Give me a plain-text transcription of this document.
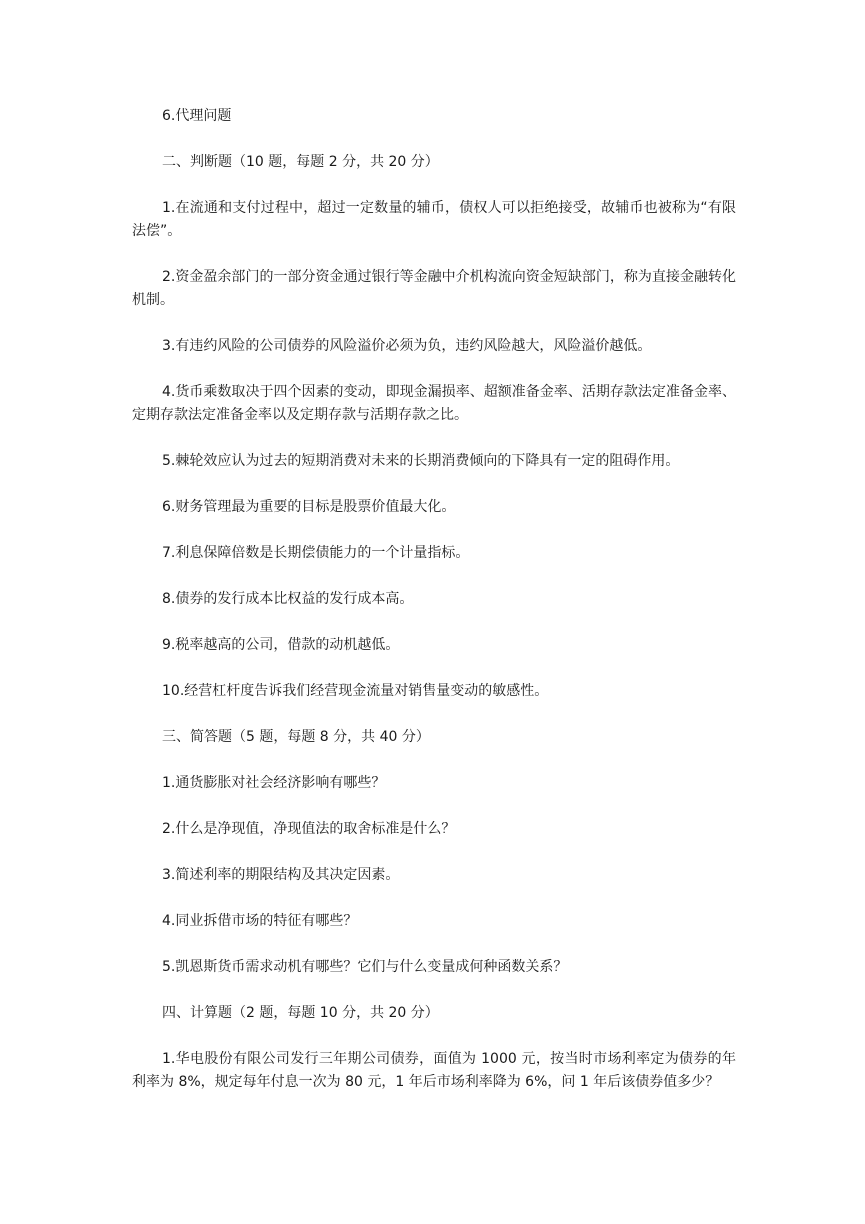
6.代理问题

二、判断题（10 题，每题 2 分，共 20 分）

1.在流通和支付过程中，超过一定数量的辅币，债权人可以拒绝接受，故辅币也被称为“有限法偿”。

2.资金盈余部门的一部分资金通过银行等金融中介机构流向资金短缺部门，称为直接金融转化机制。

3.有违约风险的公司债券的风险溢价必须为负，违约风险越大，风险溢价越低。

4.货币乘数取决于四个因素的变动，即现金漏损率、超额准备金率、活期存款法定准备金率、定期存款法定准备金率以及定期存款与活期存款之比。

5.棘轮效应认为过去的短期消费对未来的长期消费倾向的下降具有一定的阻碍作用。

6.财务管理最为重要的目标是股票价值最大化。

7.利息保障倍数是长期偿债能力的一个计量指标。

8.债券的发行成本比权益的发行成本高。

9.税率越高的公司，借款的动机越低。

10.经营杠杆度告诉我们经营现金流量对销售量变动的敏感性。

三、简答题（5 题，每题 8 分，共 40 分）

1.通货膨胀对社会经济影响有哪些？

2.什么是净现值，净现值法的取舍标准是什么？

3.简述利率的期限结构及其决定因素。

4.同业拆借市场的特征有哪些？

5.凯恩斯货币需求动机有哪些？它们与什么变量成何种函数关系？

四、计算题（2 题，每题 10 分，共 20 分）

1.华电股份有限公司发行三年期公司债券，面值为 1000 元，按当时市场利率定为债券的年利率为 8%，规定每年付息一次为 80 元，1 年后市场利率降为 6%，问 1 年后该债券值多少？
